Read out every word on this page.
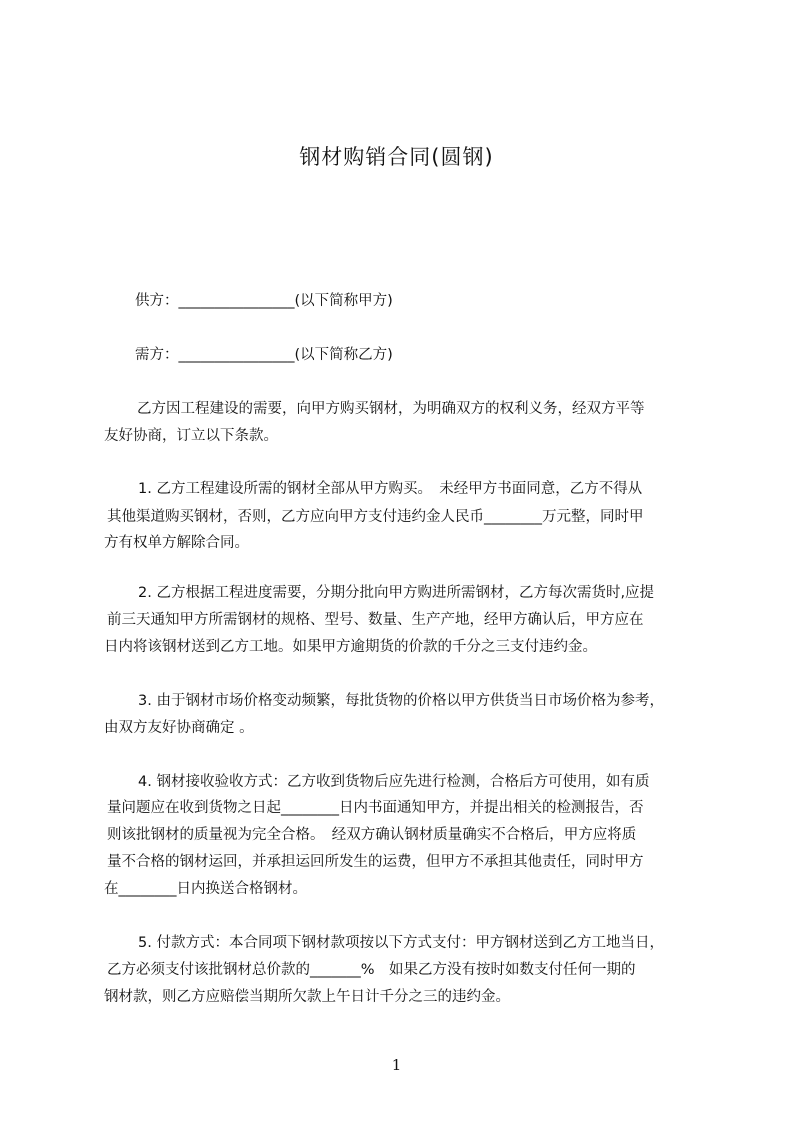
钢材购销合同(圆钢)
供方：________________(以下简称甲方)
需方：________________(以下简称乙方)
乙方因工程建设的需要，向甲方购买钢材，为明确双方的权利义务，经双方平等
友好协商，订立以下条款。
1. 乙方工程建设所需的钢材全部从甲方购买。　未经甲方书面同意，乙方不得从
其他渠道购买钢材，否则，乙方应向甲方支付违约金人民币________万元整，同时甲
方有权单方解除合同。
2. 乙方根据工程进度需要，分期分批向甲方购进所需钢材，乙方每次需货时,应提
前三天通知甲方所需钢材的规格、型号、数量、生产产地，经甲方确认后，甲方应在
日内将该钢材送到乙方工地。如果甲方逾期货的价款的千分之三支付违约金。
3. 由于钢材市场价格变动频繁，每批货物的价格以甲方供货当日市场价格为参考，
由双方友好协商确定 。
4. 钢材接收验收方式：乙方收到货物后应先进行检测，合格后方可使用，如有质
量问题应在收到货物之日起________日内书面通知甲方，并提出相关的检测报告，否
则该批钢材的质量视为完全合格。　经双方确认钢材质量确实不合格后，甲方应将质
量不合格的钢材运回，并承担运回所发生的运费，但甲方不承担其他责任，同时甲方
在________日内换送合格钢材。
5. 付款方式：本合同项下钢材款项按以下方式支付：甲方钢材送到乙方工地当日，
乙方必须支付该批钢材总价款的_______%　如果乙方没有按时如数支付任何一期的
钢材款，则乙方应赔偿当期所欠款上午日计千分之三的违约金。
1
